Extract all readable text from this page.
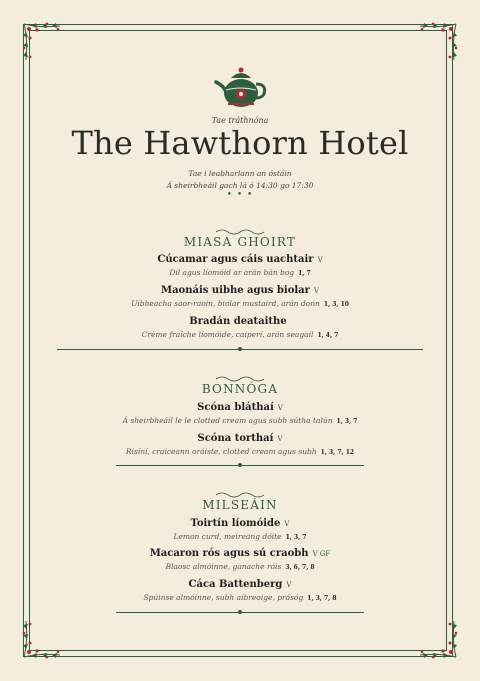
Tae tráthnóna
The Hawthorn Hotel
Tae i leabharlann an óstáin
Á sheirbheáil gach lá ó 14:30 go 17:30
• • •
MIASA GHOIRT
Cúcamar agus cáis uachtair V
Dil agus líomóid ar arán bán bog 1, 7
Maonáis uibhe agus biolar V
Uibheacha saor-raoin, biolar mustaird, arán donn 1, 3, 10
Bradán deataithe
Crème fraîche líomóide, caiperí, arán seagail 1, 4, 7
BONNÓGA
Scóna bláthaí V
Á sheirbheáil le le clotted cream agus subh sútha talún 1, 3, 7
Scóna torthaí V
Risíní, craiceann oráiste, clotted cream agus subh 1, 3, 7, 12
MILSEÁIN
Toirtín líomóide V
Lemon curd, meireang dóite 1, 3, 7
Macaron rós agus sú craobh V GF
Blaosc almóinne, ganache róis 3, 6, 7, 8
Cáca Battenberg V
Spúinse almóinne, subh aibreoige, prásóg 1, 3, 7, 8
